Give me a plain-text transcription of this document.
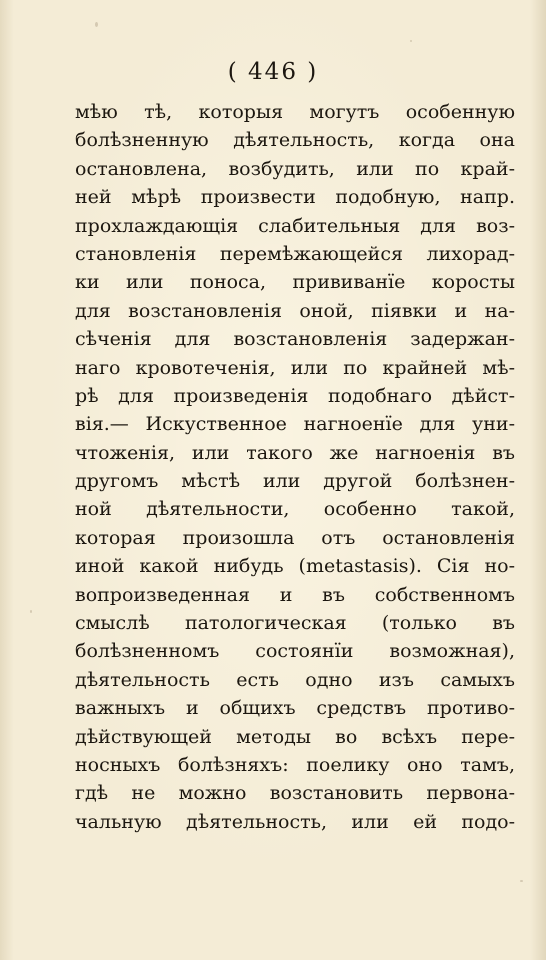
( 446 )
мѣю тѣ, которыя могутъ особенную
болѣзненную дѣятельность, когда она
остановлена, возбудить, или по край-
ней мѣрѣ произвести подобную, напр.
прохлаждающія слабительныя для воз-
становленія перемѣжающейся лихорад-
ки или поноса, прививанїе коросты
для возстановленія оной, піявки и на-
сѣченія для возстановленія задержан-
наго кровотеченія, или по крайней мѣ-
рѣ для произведенія подобнаго дѣйст-
вія.— Искуственное нагноенїе для уни-
чтоженія, или такого же нагноенія въ
другомъ мѣстѣ или другой болѣзнен-
ной дѣятельности, особенно такой,
которая произошла отъ остановленія
иной какой нибудь (metastasis). Сія но-
вопроизведенная и въ собственномъ
смыслѣ патологическая (только въ
болѣзненномъ состоянїи возможная),
дѣятельность есть одно изъ самыхъ
важныхъ и общихъ средствъ противо-
дѣйствующей методы во всѣхъ пере-
носныхъ болѣзняхъ: поелику оно тамъ,
гдѣ не можно возстановить первона-
чальную дѣятельность, или ей подо-
